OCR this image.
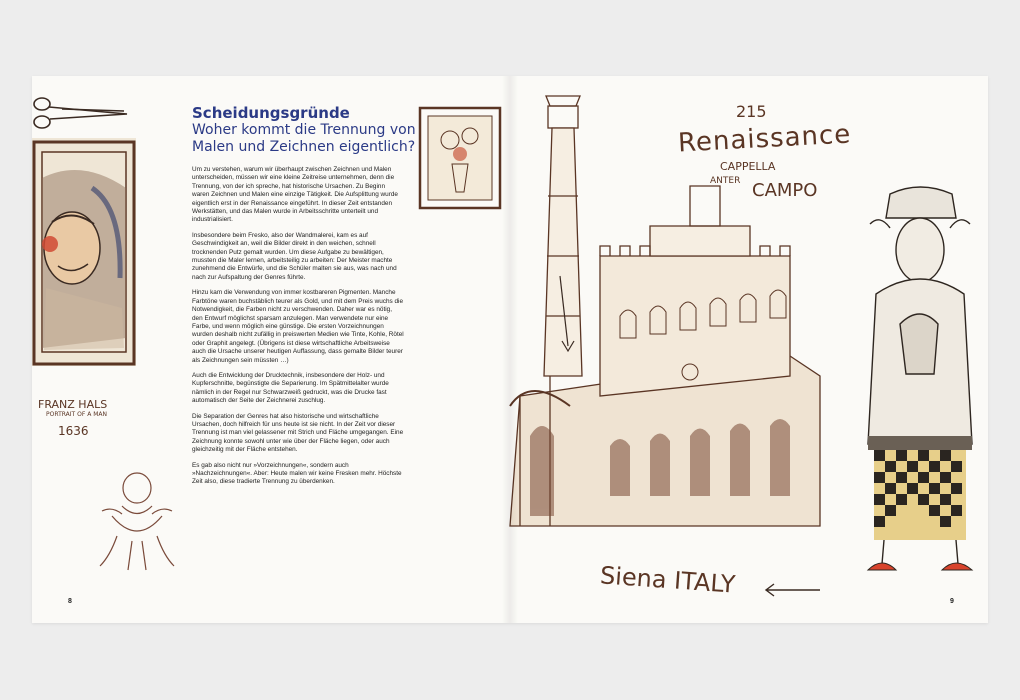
FRANZ HALS
PORTRAIT OF A MAN
1636
Scheidungsgründe
Woher kommt die Trennung von
Malen und Zeichnen eigentlich?

Um zu verstehen, warum wir überhaupt zwischen Zeichnen und Malen unterscheiden, müssen wir eine kleine Zeitreise unternehmen, denn die Trennung, von der ich spreche, hat historische Ursachen. Zu Beginn waren Zeichnen und Malen eine einzige Tätigkeit. Die Aufsplittung wurde eigentlich erst in der Renaissance eingeführt. In dieser Zeit entstanden Werkstätten, und das Malen wurde in Arbeitsschritte unterteilt und industrialisiert.

Insbesondere beim Fresko, also der Wandmalerei, kam es auf Geschwindigkeit an, weil die Bilder direkt in den weichen, schnell trocknenden Putz gemalt wurden. Um diese Aufgabe zu bewältigen, mussten die Maler lernen, arbeitsteilig zu arbeiten: Der Meister machte zunehmend die Entwürfe, und die Schüler malten sie aus, was nach und nach zur Aufspaltung der Genres führte.

Hinzu kam die Verwendung von immer kostbareren Pigmenten. Manche Farbtöne waren buchstäblich teurer als Gold, und mit dem Preis wuchs die Notwendigkeit, die Farben nicht zu verschwenden. Daher war es nötig, den Entwurf möglichst sparsam anzulegen. Man verwendete nur eine Farbe, und wenn möglich eine günstige. Die ersten Vorzeichnungen wurden deshalb nicht zufällig in preiswerten Medien wie Tinte, Kohle, Rötel oder Graphit angelegt. (Übrigens ist diese wirtschaftliche Arbeitsweise auch die Ursache unserer heutigen Auffassung, dass gemalte Bilder teurer als Zeichnungen sein müssten …)

Auch die Entwicklung der Drucktechnik, insbesondere der Holz- und Kupferschnitte, begünstigte die Separierung. Im Spätmittelalter wurde nämlich in der Regel nur Schwarzweiß gedruckt, was die Drucke fast automatisch der Seite der Zeichnerei zuschlug.

Die Separation der Genres hat also historische und wirtschaftliche Ursachen, doch hilfreich für uns heute ist sie nicht. In der Zeit vor dieser Trennung ist man viel gelassener mit Strich und Fläche umgegangen. Eine Zeichnung konnte sowohl unter wie über der Fläche liegen, oder auch gleichzeitig mit der Fläche entstehen.

Es gab also nicht nur »Vorzeichnungen«, sondern auch »Nachzeichnungen«. Aber: Heute malen wir keine Fresken mehr. Höchste Zeit also, diese tradierte Trennung zu überdenken.

8
215
Renaissance
CAPPELLA
ANTER CAMPO
Siena ITALY
9
